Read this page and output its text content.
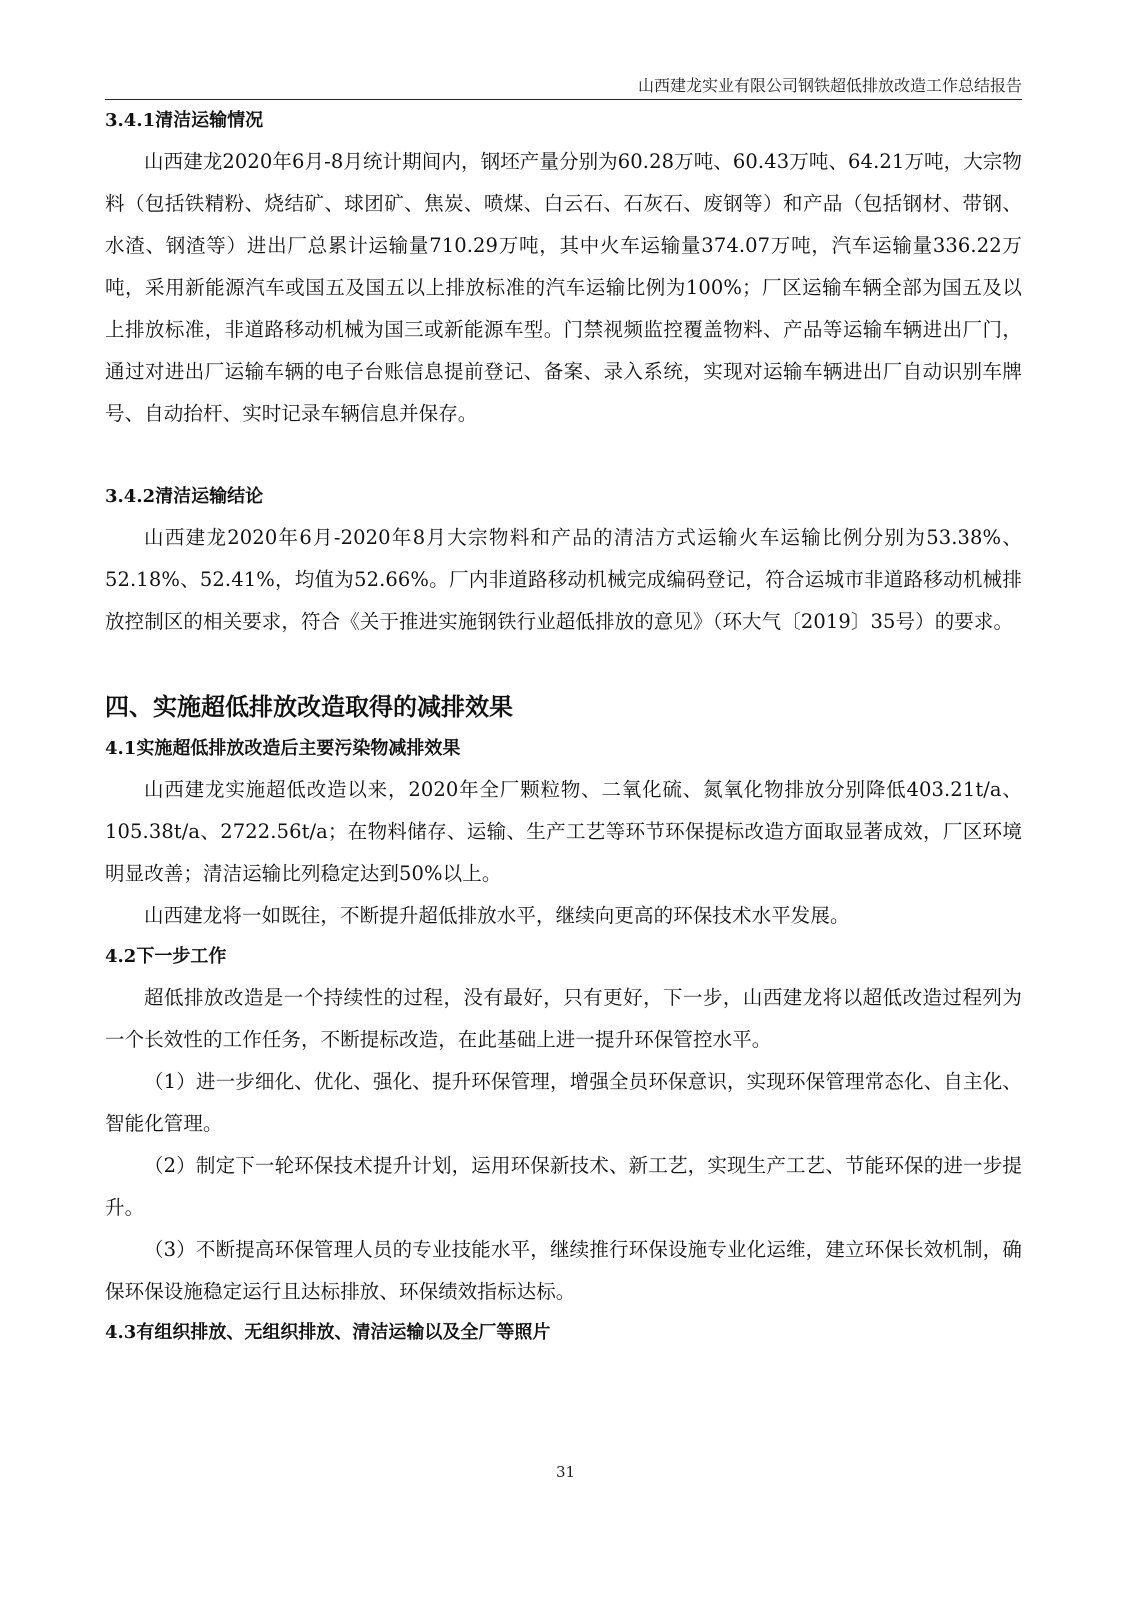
山西建龙实业有限公司钢铁超低排放改造工作总结报告
3.4.1清洁运输情况

山西建龙2020年6月-8月统计期间内，钢坯产量分别为60.28万吨、60.43万吨、64.21万吨，大宗物料（包括铁精粉、烧结矿、球团矿、焦炭、喷煤、白云石、石灰石、废钢等）和产品（包括钢材、带钢、水渣、钢渣等）进出厂总累计运输量710.29万吨，其中火车运输量374.07万吨，汽车运输量336.22万吨，采用新能源汽车或国五及国五以上排放标准的汽车运输比例为100%；厂区运输车辆全部为国五及以上排放标准，非道路移动机械为国三或新能源车型。门禁视频监控覆盖物料、产品等运输车辆进出厂门，通过对进出厂运输车辆的电子台账信息提前登记、备案、录入系统，实现对运输车辆进出厂自动识别车牌号、自动抬杆、实时记录车辆信息并保存。

3.4.2清洁运输结论

山西建龙2020年6月-2020年8月大宗物料和产品的清洁方式运输火车运输比例分别为53.38%、52.18%、52.41%，均值为52.66%。厂内非道路移动机械完成编码登记，符合运城市非道路移动机械排放控制区的相关要求，符合《关于推进实施钢铁行业超低排放的意见》（环大气〔2019〕35号）的要求。

四、实施超低排放改造取得的减排效果
4.1实施超低排放改造后主要污染物减排效果

山西建龙实施超低改造以来，2020年全厂颗粒物、二氧化硫、氮氧化物排放分别降低403.21t/a、105.38t/a、2722.56t/a；在物料储存、运输、生产工艺等环节环保提标改造方面取显著成效，厂区环境明显改善；清洁运输比列稳定达到50%以上。

山西建龙将一如既往，不断提升超低排放水平，继续向更高的环保技术水平发展。

4.2下一步工作

超低排放改造是一个持续性的过程，没有最好，只有更好，下一步，山西建龙将以超低改造过程列为一个长效性的工作任务，不断提标改造，在此基础上进一提升环保管控水平。

（1）进一步细化、优化、强化、提升环保管理，增强全员环保意识，实现环保管理常态化、自主化、智能化管理。

（2）制定下一轮环保技术提升计划，运用环保新技术、新工艺，实现生产工艺、节能环保的进一步提升。

（3）不断提高环保管理人员的专业技能水平，继续推行环保设施专业化运维，建立环保长效机制，确保环保设施稳定运行且达标排放、环保绩效指标达标。

4.3有组织排放、无组织排放、清洁运输以及全厂等照片
31
